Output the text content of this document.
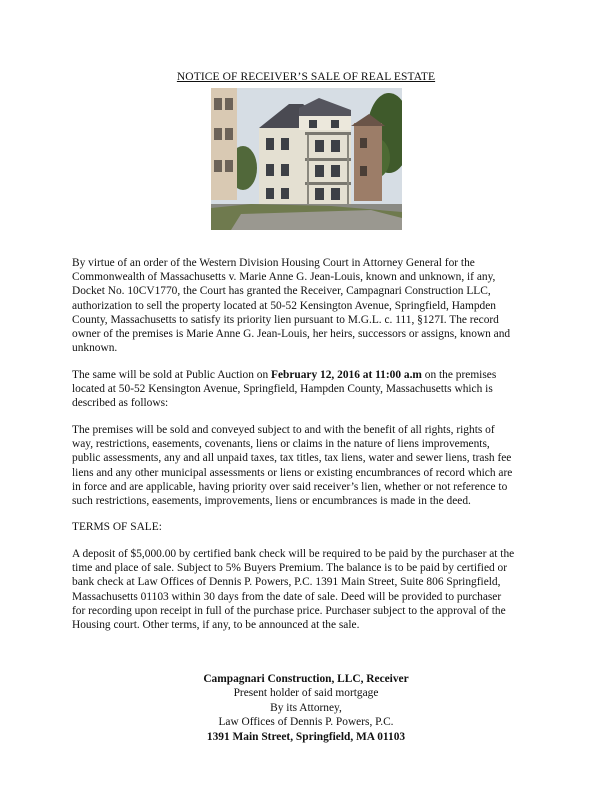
NOTICE OF RECEIVER’S SALE OF REAL ESTATE
By virtue of an order of the Western Division Housing Court in Attorney General for the
Commonwealth of Massachusetts v. Marie Anne G. Jean-Louis, known and unknown, if any,
Docket No. 10CV1770, the Court has granted the Receiver, Campagnari Construction LLC,
authorization to sell the property located at 50-52 Kensington Avenue, Springfield, Hampden
County, Massachusetts to satisfy its priority lien pursuant to M.G.L. c. 111, §127I. The record
owner of the premises is Marie Anne G. Jean-Louis, her heirs, successors or assigns, known and
unknown.
The same will be sold at Public Auction on February 12, 2016 at 11:00 a.m on the premises
located at 50-52 Kensington Avenue, Springfield, Hampden County, Massachusetts which is
described as follows:
The premises will be sold and conveyed subject to and with the benefit of all rights, rights of
way, restrictions, easements, covenants, liens or claims in the nature of liens improvements,
public assessments, any and all unpaid taxes, tax titles, tax liens, water and sewer liens, trash fee
liens and any other municipal assessments or liens or existing encumbrances of record which are
in force and are applicable, having priority over said receiver’s lien, whether or not reference to
such restrictions, easements, improvements, liens or encumbrances is made in the deed.
TERMS OF SALE:
A deposit of $5,000.00 by certified bank check will be required to be paid by the purchaser at the
time and place of sale. Subject to 5% Buyers Premium. The balance is to be paid by certified or
bank check at Law Offices of Dennis P. Powers, P.C. 1391 Main Street, Suite 806 Springfield,
Massachusetts 01103 within 30 days from the date of sale. Deed will be provided to purchaser
for recording upon receipt in full of the purchase price. Purchaser subject to the approval of the
Housing court. Other terms, if any, to be announced at the sale.
Campagnari Construction, LLC, Receiver
Present holder of said mortgage
By its Attorney,
Law Offices of Dennis P. Powers, P.C.
1391 Main Street, Springfield, MA 01103
